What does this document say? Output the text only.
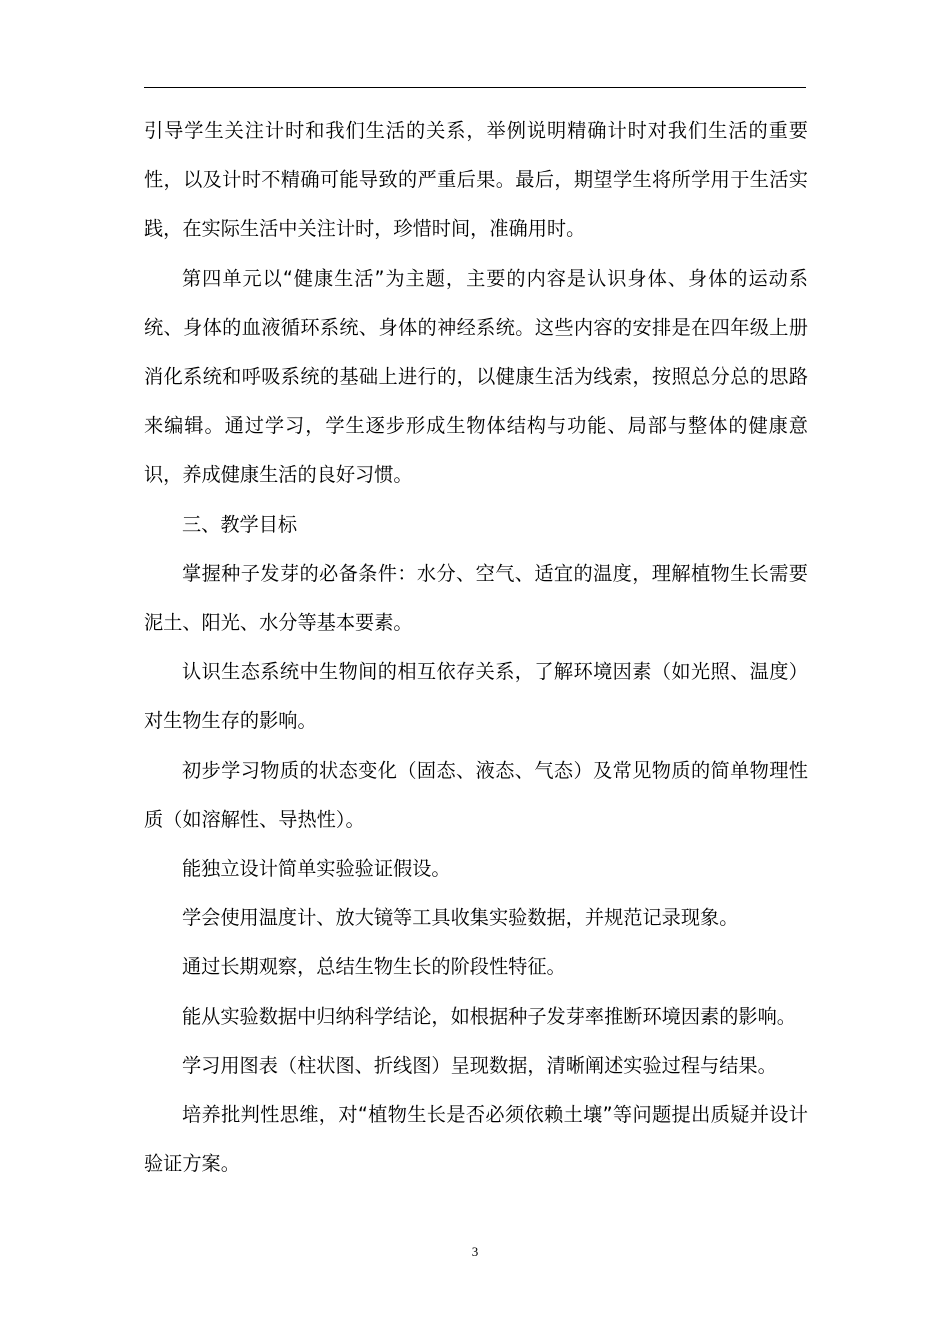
引导学生关注计时和我们生活的关系，举例说明精确计时对我们生活的重要性，以及计时不精确可能导致的严重后果。最后，期望学生将所学用于生活实践，在实际生活中关注计时，珍惜时间，准确用时。

第四单元以“健康生活”为主题，主要的内容是认识身体、身体的运动系统、身体的血液循环系统、身体的神经系统。这些内容的安排是在四年级上册消化系统和呼吸系统的基础上进行的，以健康生活为线索，按照总分总的思路来编辑。通过学习，学生逐步形成生物体结构与功能、局部与整体的健康意识，养成健康生活的良好习惯。

三、教学目标

掌握种子发芽的必备条件：水分、空气、适宜的温度，理解植物生长需要泥土、阳光、水分等基本要素。

认识生态系统中生物间的相互依存关系，了解环境因素（如光照、温度）对生物生存的影响。

初步学习物质的状态变化（固态、液态、气态）及常见物质的简单物理性质（如溶解性、导热性）。

能独立设计简单实验验证假设。

学会使用温度计、放大镜等工具收集实验数据，并规范记录现象。

通过长期观察，总结生物生长的阶段性特征。

能从实验数据中归纳科学结论，如根据种子发芽率推断环境因素的影响。

学习用图表（柱状图、折线图）呈现数据，清晰阐述实验过程与结果。

培养批判性思维，对“植物生长是否必须依赖土壤”等问题提出质疑并设计验证方案。

3
